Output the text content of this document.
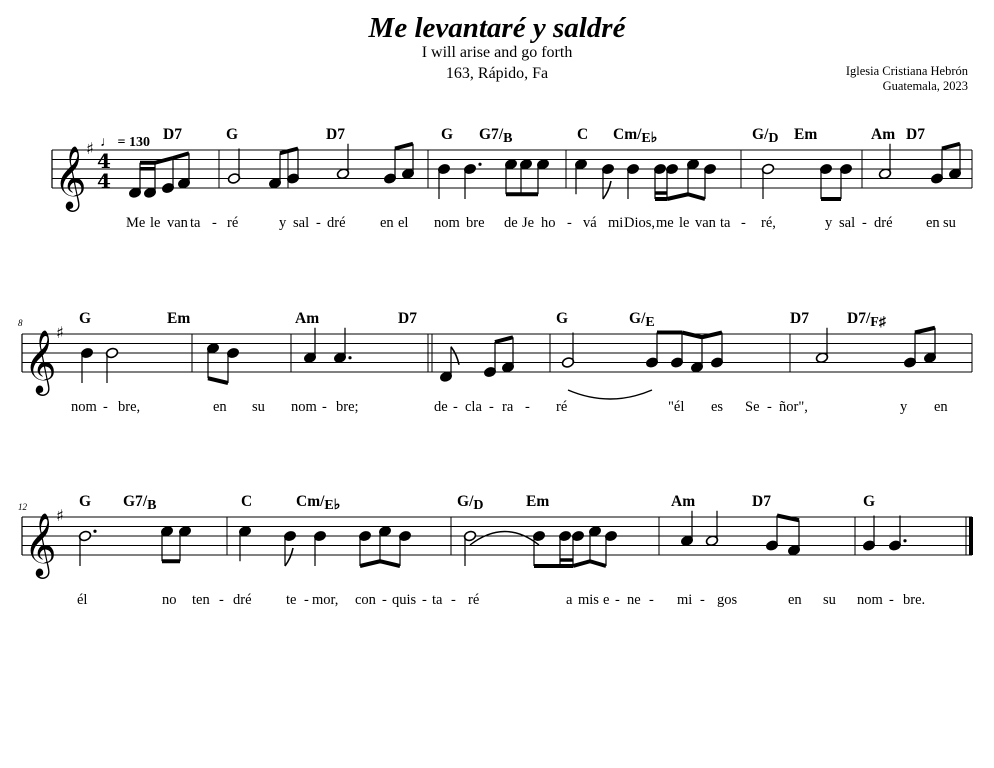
Me levantaré y saldré
I will arise and go forth
163, Rápido, Fa	Iglesia Cristiana Hebrón
Guatemala, 2023
𝄞 ♯
4
4
♩ = 130 D7	G	D7	G G7/B	C Cm/E♭	G/D Em	Am D7
Me le van ta - ré	y sal - dré en el nom bre de Je ho - vá mi Dios, me le van ta - ré,	y sal - dré en su
8
𝄞 ♯
G	Em	Am	D7	G	G/E	D7 D7/F♯
nom - bre,	en su nom - bre;	de - cla - ra - ré	"él es Se - ñor",	y en
12
𝄞 ♯
G G7/B	C	Cm/E♭	G/D	Em	Am	D7	G
él	no ten - dré te - mor, con - quis - ta - ré	a mis e - ne - mi - gos	en su nom - bre.
